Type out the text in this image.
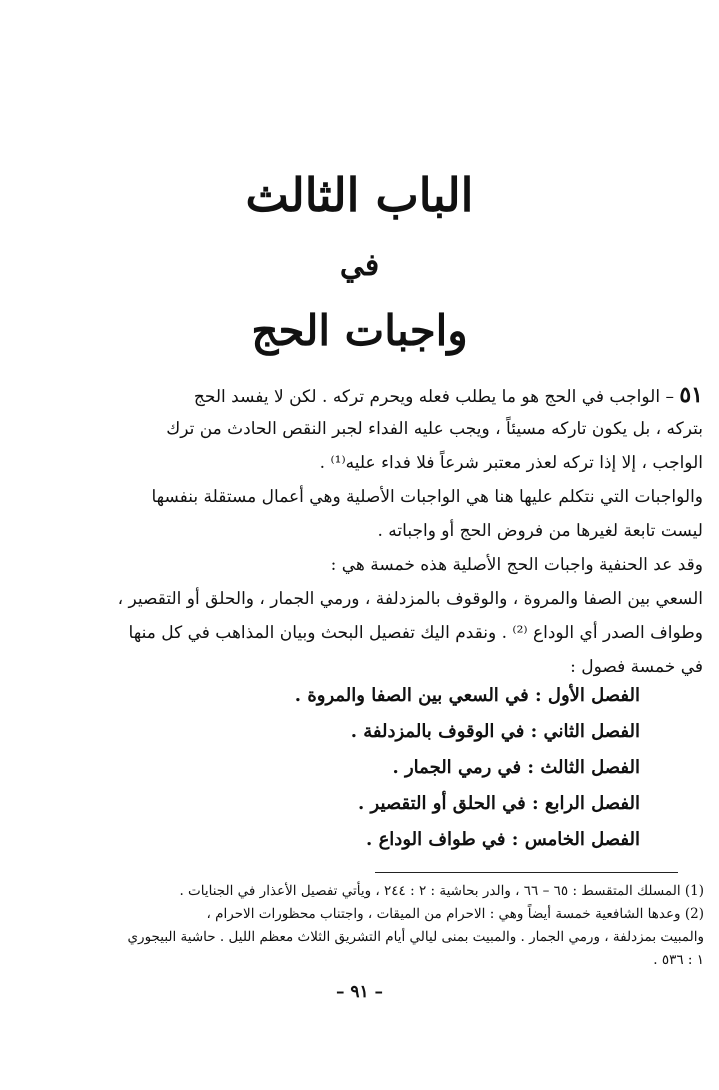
الباب الثالث
في
واجبات الحج
٥١ – الواجب في الحج هو ما يطلب فعله ويحرم تركه . لكن لا يفسد الحج
بتركه ، بل يكون تاركه مسيئاً ، ويجب عليه الفداء لجبر النقص الحادث من ترك
الواجب ، إلا إذا تركه لعذر معتبر شرعاً فلا فداء عليه⁽¹⁾ .
والواجبات التي نتكلم عليها هنا هي الواجبات الأصلية وهي أعمال مستقلة بنفسها
ليست تابعة لغيرها من فروض الحج أو واجباته .
وقد عد الحنفية واجبات الحج الأصلية هذه خمسة هي :
السعي بين الصفا والمروة ، والوقوف بالمزدلفة ، ورمي الجمار ، والحلق أو التقصير ،
وطواف الصدر أي الوداع ⁽²⁾ . ونقدم اليك تفصيل البحث وبيان المذاهب في كل منها
في خمسة فصول :
الفصل الأول : في السعي بين الصفا والمروة .
الفصل الثاني : في الوقوف بالمزدلفة .
الفصل الثالث : في رمي الجمار .
الفصل الرابع : في الحلق أو التقصير .
الفصل الخامس : في طواف الوداع .
(1) المسلك المتقسط : ٦٥ – ٦٦ ، والدر بحاشية : ٢ : ٢٤٤ ، ويأتي تفصيل الأعذار في الجنايات .
(2) وعدها الشافعية خمسة أيضاً وهي : الاحرام من الميقات ، واجتناب محظورات الاحرام ،
والمبيت بمزدلفة ، ورمي الجمار . والمبيت بمنى ليالي أيام التشريق الثلاث معظم الليل . حاشية البيجوري
١ : ٥٣٦ .
– ٩١ –
